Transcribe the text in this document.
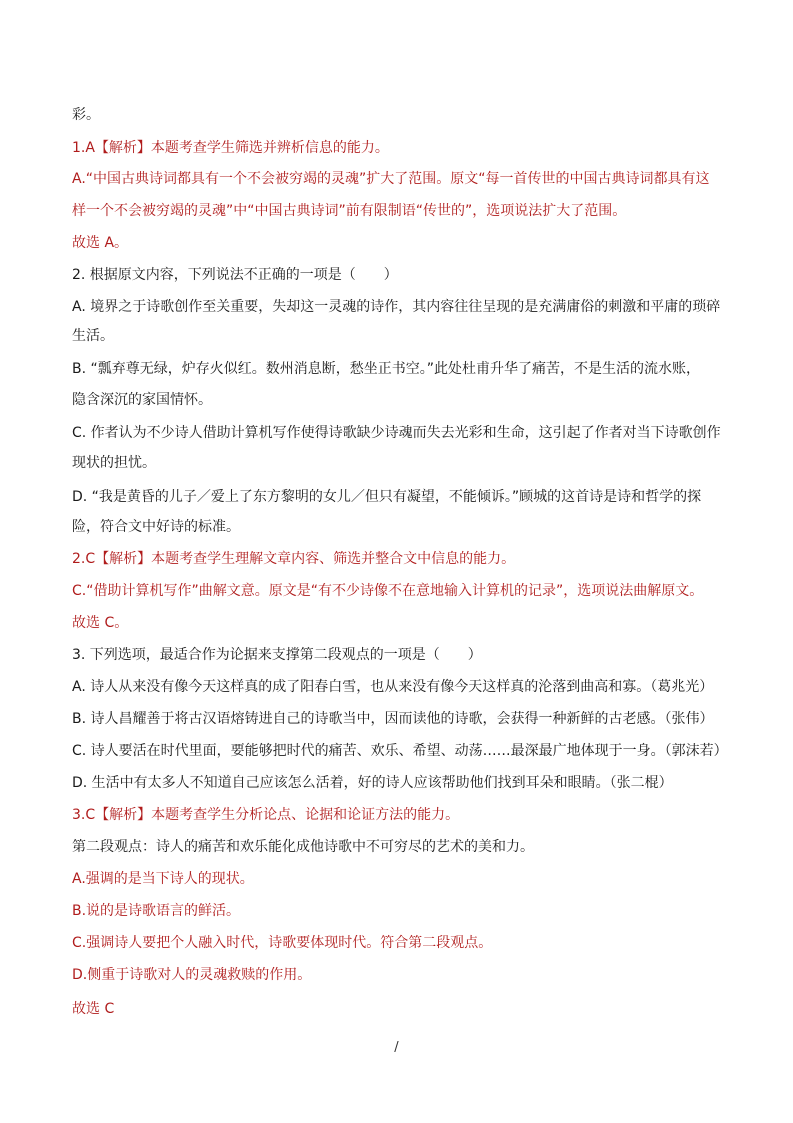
彩。
1.A【解析】本题考查学生筛选并辨析信息的能力。
A.“中国古典诗词都具有一个不会被穷竭的灵魂”扩大了范围。原文“每一首传世的中国古典诗词都具有这
样一个不会被穷竭的灵魂”中“中国古典诗词”前有限制语“传世的”，选项说法扩大了范围。
故选 A。
2. 根据原文内容，下列说法不正确的一项是（　　）
A. 境界之于诗歌创作至关重要，失却这一灵魂的诗作，其内容往往呈现的是充满庸俗的刺激和平庸的琐碎
生活。
B. “瓢弃尊无绿，炉存火似红。数州消息断，愁坐正书空。”此处杜甫升华了痛苦，不是生活的流水账，
隐含深沉的家国情怀。
C. 作者认为不少诗人借助计算机写作使得诗歌缺少诗魂而失去光彩和生命，这引起了作者对当下诗歌创作
现状的担忧。
D. “我是黄昏的儿子／爱上了东方黎明的女儿／但只有凝望，不能倾诉。”顾城的这首诗是诗和哲学的探
险，符合文中好诗的标准。
2.C【解析】本题考查学生理解文章内容、筛选并整合文中信息的能力。
C.“借助计算机写作”曲解文意。原文是“有不少诗像不在意地输入计算机的记录”，选项说法曲解原文。
故选 C。
3. 下列选项，最适合作为论据来支撑第二段观点的一项是（　　）
A. 诗人从来没有像今天这样真的成了阳春白雪，也从来没有像今天这样真的沦落到曲高和寡。（葛兆光）
B. 诗人昌耀善于将古汉语熔铸进自己的诗歌当中，因而读他的诗歌，会获得一种新鲜的古老感。（张伟）
C. 诗人要活在时代里面，要能够把时代的痛苦、欢乐、希望、动荡……最深最广地体现于一身。（郭沫若）
D. 生活中有太多人不知道自己应该怎么活着，好的诗人应该帮助他们找到耳朵和眼睛。（张二棍）
3.C【解析】本题考查学生分析论点、论据和论证方法的能力。
第二段观点：诗人的痛苦和欢乐能化成他诗歌中不可穷尽的艺术的美和力。
A.强调的是当下诗人的现状。
B.说的是诗歌语言的鲜活。
C.强调诗人要把个人融入时代，诗歌要体现时代。符合第二段观点。
D.侧重于诗歌对人的灵魂救赎的作用。
故选 C
/
